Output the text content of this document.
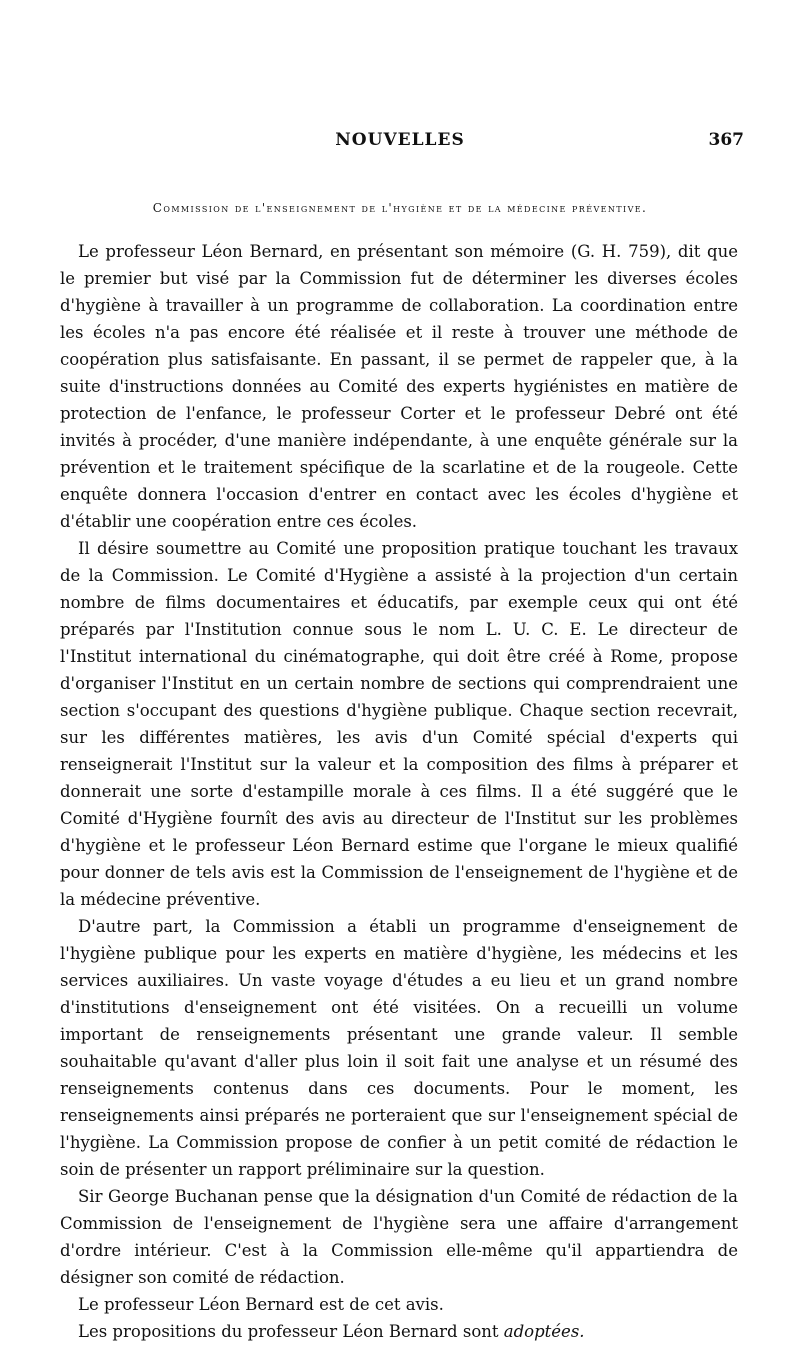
NOUVELLES	367
Commission de l'enseignement de l'hygiène et de la médecine préventive.

Le professeur Léon Bernard, en présentant son mémoire (G. H. 759), dit que le premier but visé par la Commission fut de déterminer les diverses écoles d'hygiène à travailler à un programme de collaboration. La coordination entre les écoles n'a pas encore été réalisée et il reste à trouver une méthode de coopération plus satisfaisante. En passant, il se permet de rappeler que, à la suite d'instructions données au Comité des experts hygiénistes en matière de protection de l'enfance, le professeur Corter et le professeur Debré ont été invités à procéder, d'une manière indépendante, à une enquête générale sur la prévention et le traitement spécifique de la scarlatine et de la rougeole. Cette enquête donnera l'occasion d'entrer en contact avec les écoles d'hygiène et d'établir une coopération entre ces écoles.

Il désire soumettre au Comité une proposition pratique touchant les travaux de la Commission. Le Comité d'Hygiène a assisté à la projection d'un certain nombre de films documentaires et éducatifs, par exemple ceux qui ont été préparés par l'Institution connue sous le nom L. U. C. E. Le directeur de l'Institut international du cinématographe, qui doit être créé à Rome, propose d'organiser l'Institut en un certain nombre de sections qui comprendraient une section s'occupant des questions d'hygiène publique. Chaque section recevrait, sur les différentes matières, les avis d'un Comité spécial d'experts qui renseignerait l'Institut sur la valeur et la composition des films à préparer et donnerait une sorte d'estampille morale à ces films. Il a été suggéré que le Comité d'Hygiène fournît des avis au directeur de l'Institut sur les problèmes d'hygiène et le professeur Léon Bernard estime que l'organe le mieux qualifié pour donner de tels avis est la Commission de l'enseignement de l'hygiène et de la médecine préventive.

D'autre part, la Commission a établi un programme d'enseignement de l'hygiène publique pour les experts en matière d'hygiène, les médecins et les services auxiliaires. Un vaste voyage d'études a eu lieu et un grand nombre d'institutions d'enseignement ont été visitées. On a recueilli un volume important de renseignements présentant une grande valeur. Il semble souhaitable qu'avant d'aller plus loin il soit fait une analyse et un résumé des renseignements contenus dans ces documents. Pour le moment, les renseignements ainsi préparés ne porteraient que sur l'enseignement spécial de l'hygiène. La Commission propose de confier à un petit comité de rédaction le soin de présenter un rapport préliminaire sur la question.

Sir George Buchanan pense que la désignation d'un Comité de rédaction de la Commission de l'enseignement de l'hygiène sera une affaire d'arrangement d'ordre intérieur. C'est à la Commission elle-même qu'il appartiendra de désigner son comité de rédaction.

Le professeur Léon Bernard est de cet avis.

Les propositions du professeur Léon Bernard sont adoptées.
